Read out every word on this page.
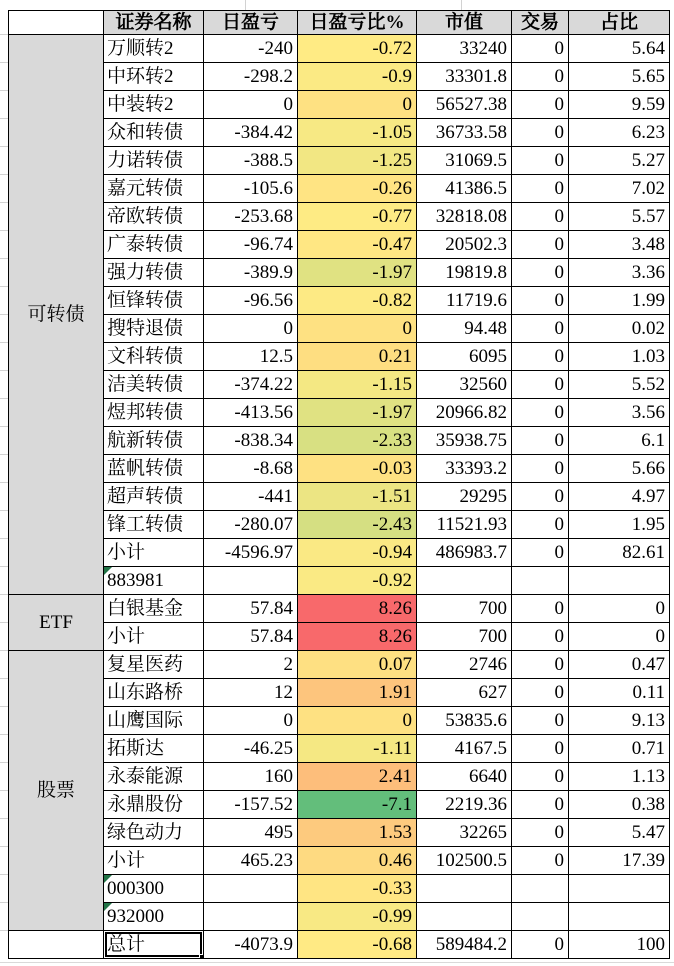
	证券名称	日盈亏	日盈亏比%	市值	交易	占比
可转债	万顺转2	-240	-0.72	33240	0	5.64
	中环转2	-298.2	-0.9	33301.8	0	5.65
	中装转2	0	0	56527.38	0	9.59
	众和转债	-384.42	-1.05	36733.58	0	6.23
	力诺转债	-388.5	-1.25	31069.5	0	5.27
	嘉元转债	-105.6	-0.26	41386.5	0	7.02
	帝欧转债	-253.68	-0.77	32818.08	0	5.57
	广泰转债	-96.74	-0.47	20502.3	0	3.48
	强力转债	-389.9	-1.97	19819.8	0	3.36
	恒锋转债	-96.56	-0.82	11719.6	0	1.99
	搜特退债	0	0	94.48	0	0.02
	文科转债	12.5	0.21	6095	0	1.03
	洁美转债	-374.22	-1.15	32560	0	5.52
	煜邦转债	-413.56	-1.97	20966.82	0	3.56
	航新转债	-838.34	-2.33	35938.75	0	6.1
	蓝帆转债	-8.68	-0.03	33393.2	0	5.66
	超声转债	-441	-1.51	29295	0	4.97
	锋工转债	-280.07	-2.43	11521.93	0	1.95
	小计	-4596.97	-0.94	486983.7	0	82.61
	883981		-0.92			
ETF	白银基金	57.84	8.26	700	0	0
	小计	57.84	8.26	700	0	0
股票	复星医药	2	0.07	2746	0	0.47
	山东路桥	12	1.91	627	0	0.11
	山鹰国际	0	0	53835.6	0	9.13
	拓斯达	-46.25	-1.11	4167.5	0	0.71
	永泰能源	160	2.41	6640	0	1.13
	永鼎股份	-157.52	-7.1	2219.36	0	0.38
	绿色动力	495	1.53	32265	0	5.47
	小计	465.23	0.46	102500.5	0	17.39
	000300		-0.33			
	932000		-0.99			
	总计	-4073.9	-0.68	589484.2	0	100
